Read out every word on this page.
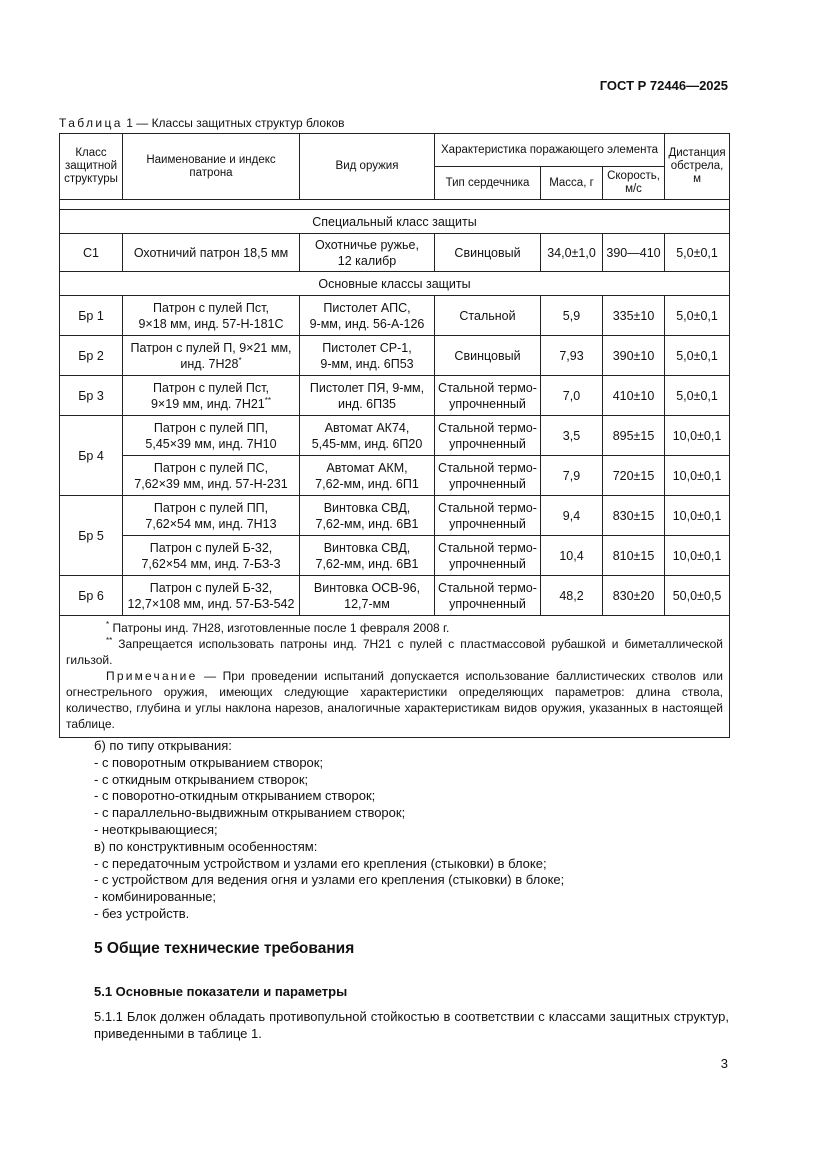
ГОСТ Р 72446—2025
Таблица 1 — Классы защитных структур блоков
Класс защитной структуры	Наименование и индекс патрона	Вид оружия	Характеристика поражающего элемента			Дистанция обстрела, м
			Тип сердечника	Масса, г	Скорость, м/с	

Специальный класс защиты						
С1	Охотничий патрон 18,5 мм	Охотничье ружье,
12 калибр	Свинцовый	34,0±1,0	390—410	5,0±0,1
Основные классы защиты						
Бр 1	Патрон с пулей Пст,
9×18 мм, инд. 57-Н-181С	Пистолет АПС,
9-мм, инд. 56-А-126	Стальной	5,9	335±10	5,0±0,1
Бр 2	Патрон с пулей П, 9×21 мм,
инд. 7Н28*	Пистолет СР-1,
9-мм, инд. 6П53	Свинцовый	7,93	390±10	5,0±0,1
Бр 3	Патрон с пулей Пст,
9×19 мм, инд. 7Н21**	Пистолет ПЯ, 9-мм,
инд. 6П35	Стальной термо-
упрочненный	7,0	410±10	5,0±0,1
Бр 4	Патрон с пулей ПП,
5,45×39 мм, инд. 7Н10	Автомат АК74,
5,45-мм, инд. 6П20	Стальной термо-
упрочненный	3,5	895±15	10,0±0,1
	Патрон с пулей ПС,
7,62×39 мм, инд. 57-Н-231	Автомат АКМ,
7,62-мм, инд. 6П1	Стальной термо-
упрочненный	7,9	720±15	10,0±0,1
Бр 5	Патрон с пулей ПП,
7,62×54 мм, инд. 7Н13	Винтовка СВД,
7,62-мм, инд. 6В1	Стальной термо-
упрочненный	9,4	830±15	10,0±0,1
	Патрон с пулей Б-32,
7,62×54 мм, инд. 7-БЗ-3	Винтовка СВД,
7,62-мм, инд. 6В1	Стальной термо-
упрочненный	10,4	810±15	10,0±0,1
Бр 6	Патрон с пулей Б-32,
12,7×108 мм, инд. 57-БЗ-542	Винтовка ОСВ-96,
12,7-мм	Стальной термо-
упрочненный	48,2	830±20	50,0±0,5

* Патроны инд. 7Н28, изготовленные после 1 февраля 2008 г.

** Запрещается использовать патроны инд. 7Н21 с пулей с пластмассовой рубашкой и биметаллической гильзой.

Примечание — При проведении испытаний допускается использование баллистических стволов или огнестрельного оружия, имеющих следующие характеристики определяющих параметров: длина ствола, количество, глубина и углы наклона нарезов, аналогичные характеристикам видов оружия, указанных в настоящей таблице.						

б) по типу открывания:

- с поворотным открыванием створок;

- с откидным открыванием створок;

- с поворотно-откидным открыванием створок;

- с параллельно-выдвижным открыванием створок;

- неоткрывающиеся;

в) по конструктивным особенностям:

- с передаточным устройством и узлами его крепления (стыковки) в блоке;

- с устройством для ведения огня и узлами его крепления (стыковки) в блоке;

- комбинированные;

- без устройств.

5 Общие технические требования
5.1 Основные показатели и параметры
5.1.1 Блок должен обладать противопульной стойкостью в соответствии с классами защитных структур, приведенными в таблице 1.
3
